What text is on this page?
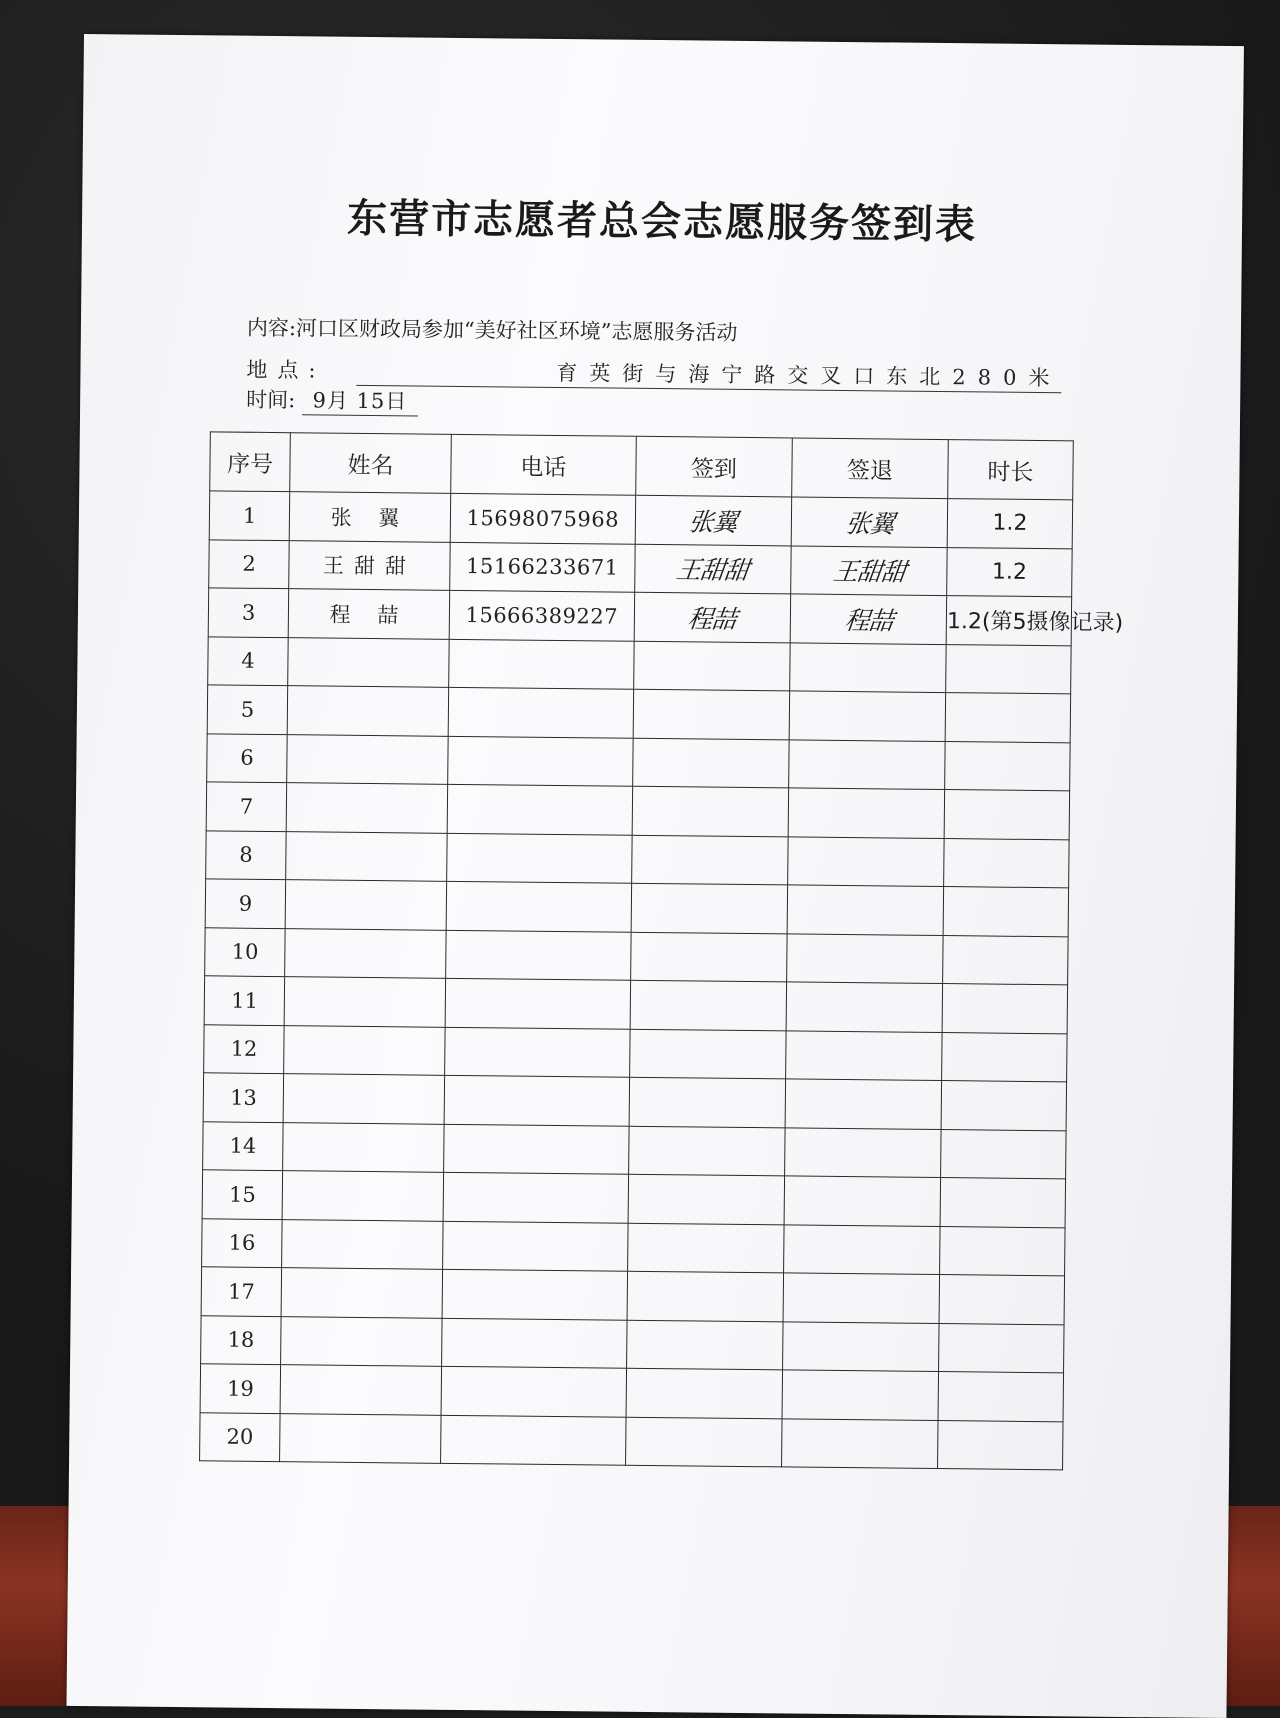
东营市志愿者总会志愿服务签到表
内容:河口区财政局参加“美好社区环境”志愿服务活动
地点:	育英街与海宁路交叉口东北280米
时间: 9月 15日
序号	姓名	电话	签到	签退	时长
1	张 翼	15698075968	张翼	张翼	1.2
2	王甜甜	15166233671	王甜甜	王甜甜	1.2
3	程 喆	15666389227	程喆	程喆	1.2(第5摄像记录)
4					
5					
6					
7					
8					
9					
10					
11					
12					
13					
14					
15					
16					
17					
18					
19					
20					
